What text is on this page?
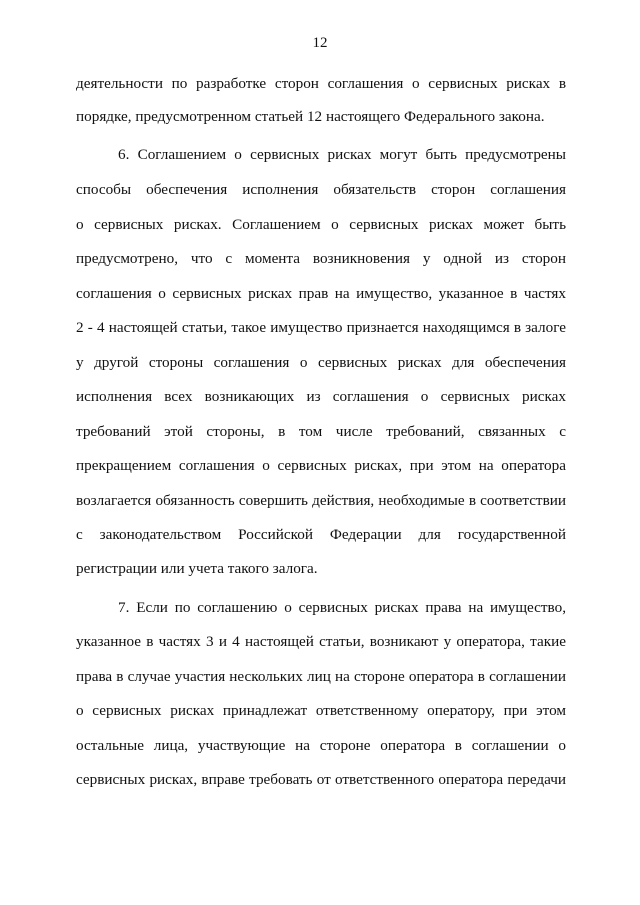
12
деятельности по разработке сторон соглашения о сервисных рисках в
порядке, предусмотренном статьей 12 настоящего Федерального закона.
6. Соглашением о сервисных рисках могут быть предусмотрены
способы обеспечения исполнения обязательств сторон соглашения
о сервисных рисках. Соглашением о сервисных рисках может быть
предусмотрено, что с момента возникновения у одной из сторон
соглашения о сервисных рисках прав на имущество, указанное в частях
2 - 4 настоящей статьи, такое имущество признается находящимся в залоге
у другой стороны соглашения о сервисных рисках для обеспечения
исполнения всех возникающих из соглашения о сервисных рисках
требований этой стороны, в том числе требований, связанных с
прекращением соглашения о сервисных рисках, при этом на оператора
возлагается обязанность совершить действия, необходимые в соответствии
с законодательством Российской Федерации для государственной
регистрации или учета такого залога.
7. Если по соглашению о сервисных рисках права на имущество,
указанное в частях 3 и 4 настоящей статьи, возникают у оператора, такие
права в случае участия нескольких лиц на стороне оператора в соглашении
о сервисных рисках принадлежат ответственному оператору, при этом
остальные лица, участвующие на стороне оператора в соглашении о
сервисных рисках, вправе требовать от ответственного оператора передачи
